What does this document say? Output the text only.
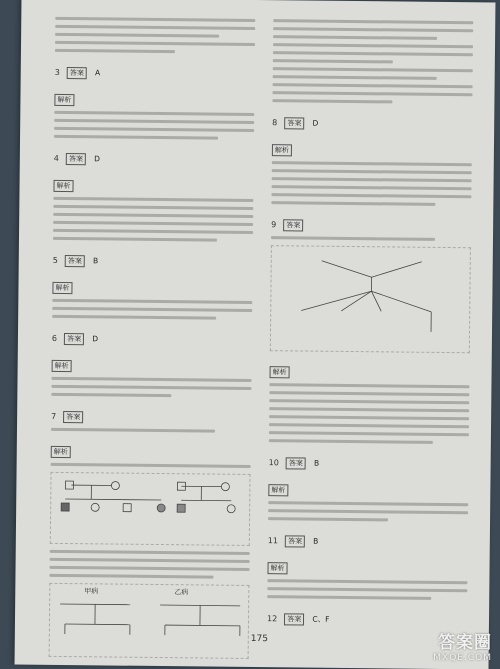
3 答案 A
解析
4 答案 D
解析
5 答案 B
解析
6 答案 D
解析
7 答案
解析
甲病	乙病
8 答案 D
解析
9 答案
解析
10 答案 B
解析
11 答案 B
解析
12 答案 C、F
175	答案圈
MXQE.COM
